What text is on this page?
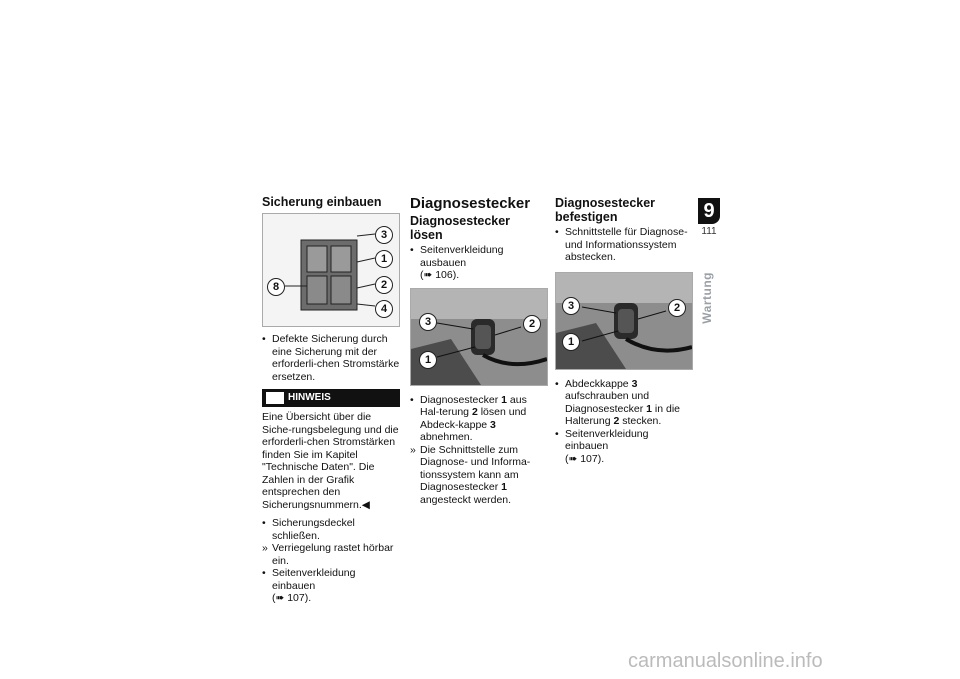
Sicherung einbauen
3
1
8	2
4
• Defekte Sicherung durch eine Sicherung mit der erforderli-chen Stromstärke ersetzen.
HINWEIS

Eine Übersicht über die Siche-rungsbelegung und die erforderli-chen Stromstärken finden Sie im Kapitel "Technische Daten". Die Zahlen in der Grafik entsprechen den Sicherungsnummern.◀

• Sicherungsdeckel schließen.
» Verriegelung rastet hörbar ein.
• Seitenverkleidung einbauen
(➠ 107).
Diagnosestecker
Diagnosestecker lösen
• Seitenverkleidung ausbauen
(➠ 106).
3	2
1
• Diagnosestecker 1 aus Hal-terung 2 lösen und Abdeck-kappe 3 abnehmen.
» Die Schnittstelle zum Diagnose- und Informa-tionssystem kann am Diagnosestecker 1 angesteckt werden.
Diagnosestecker befestigen
• Schnittstelle für Diagnose- und Informationssystem abstecken.
3	2
1
• Abdeckkappe 3 aufschrauben und Diagnosestecker 1 in die Halterung 2 stecken.
• Seitenverkleidung einbauen
(➠ 107).
9
111
Wartung
carmanualsonline.info
